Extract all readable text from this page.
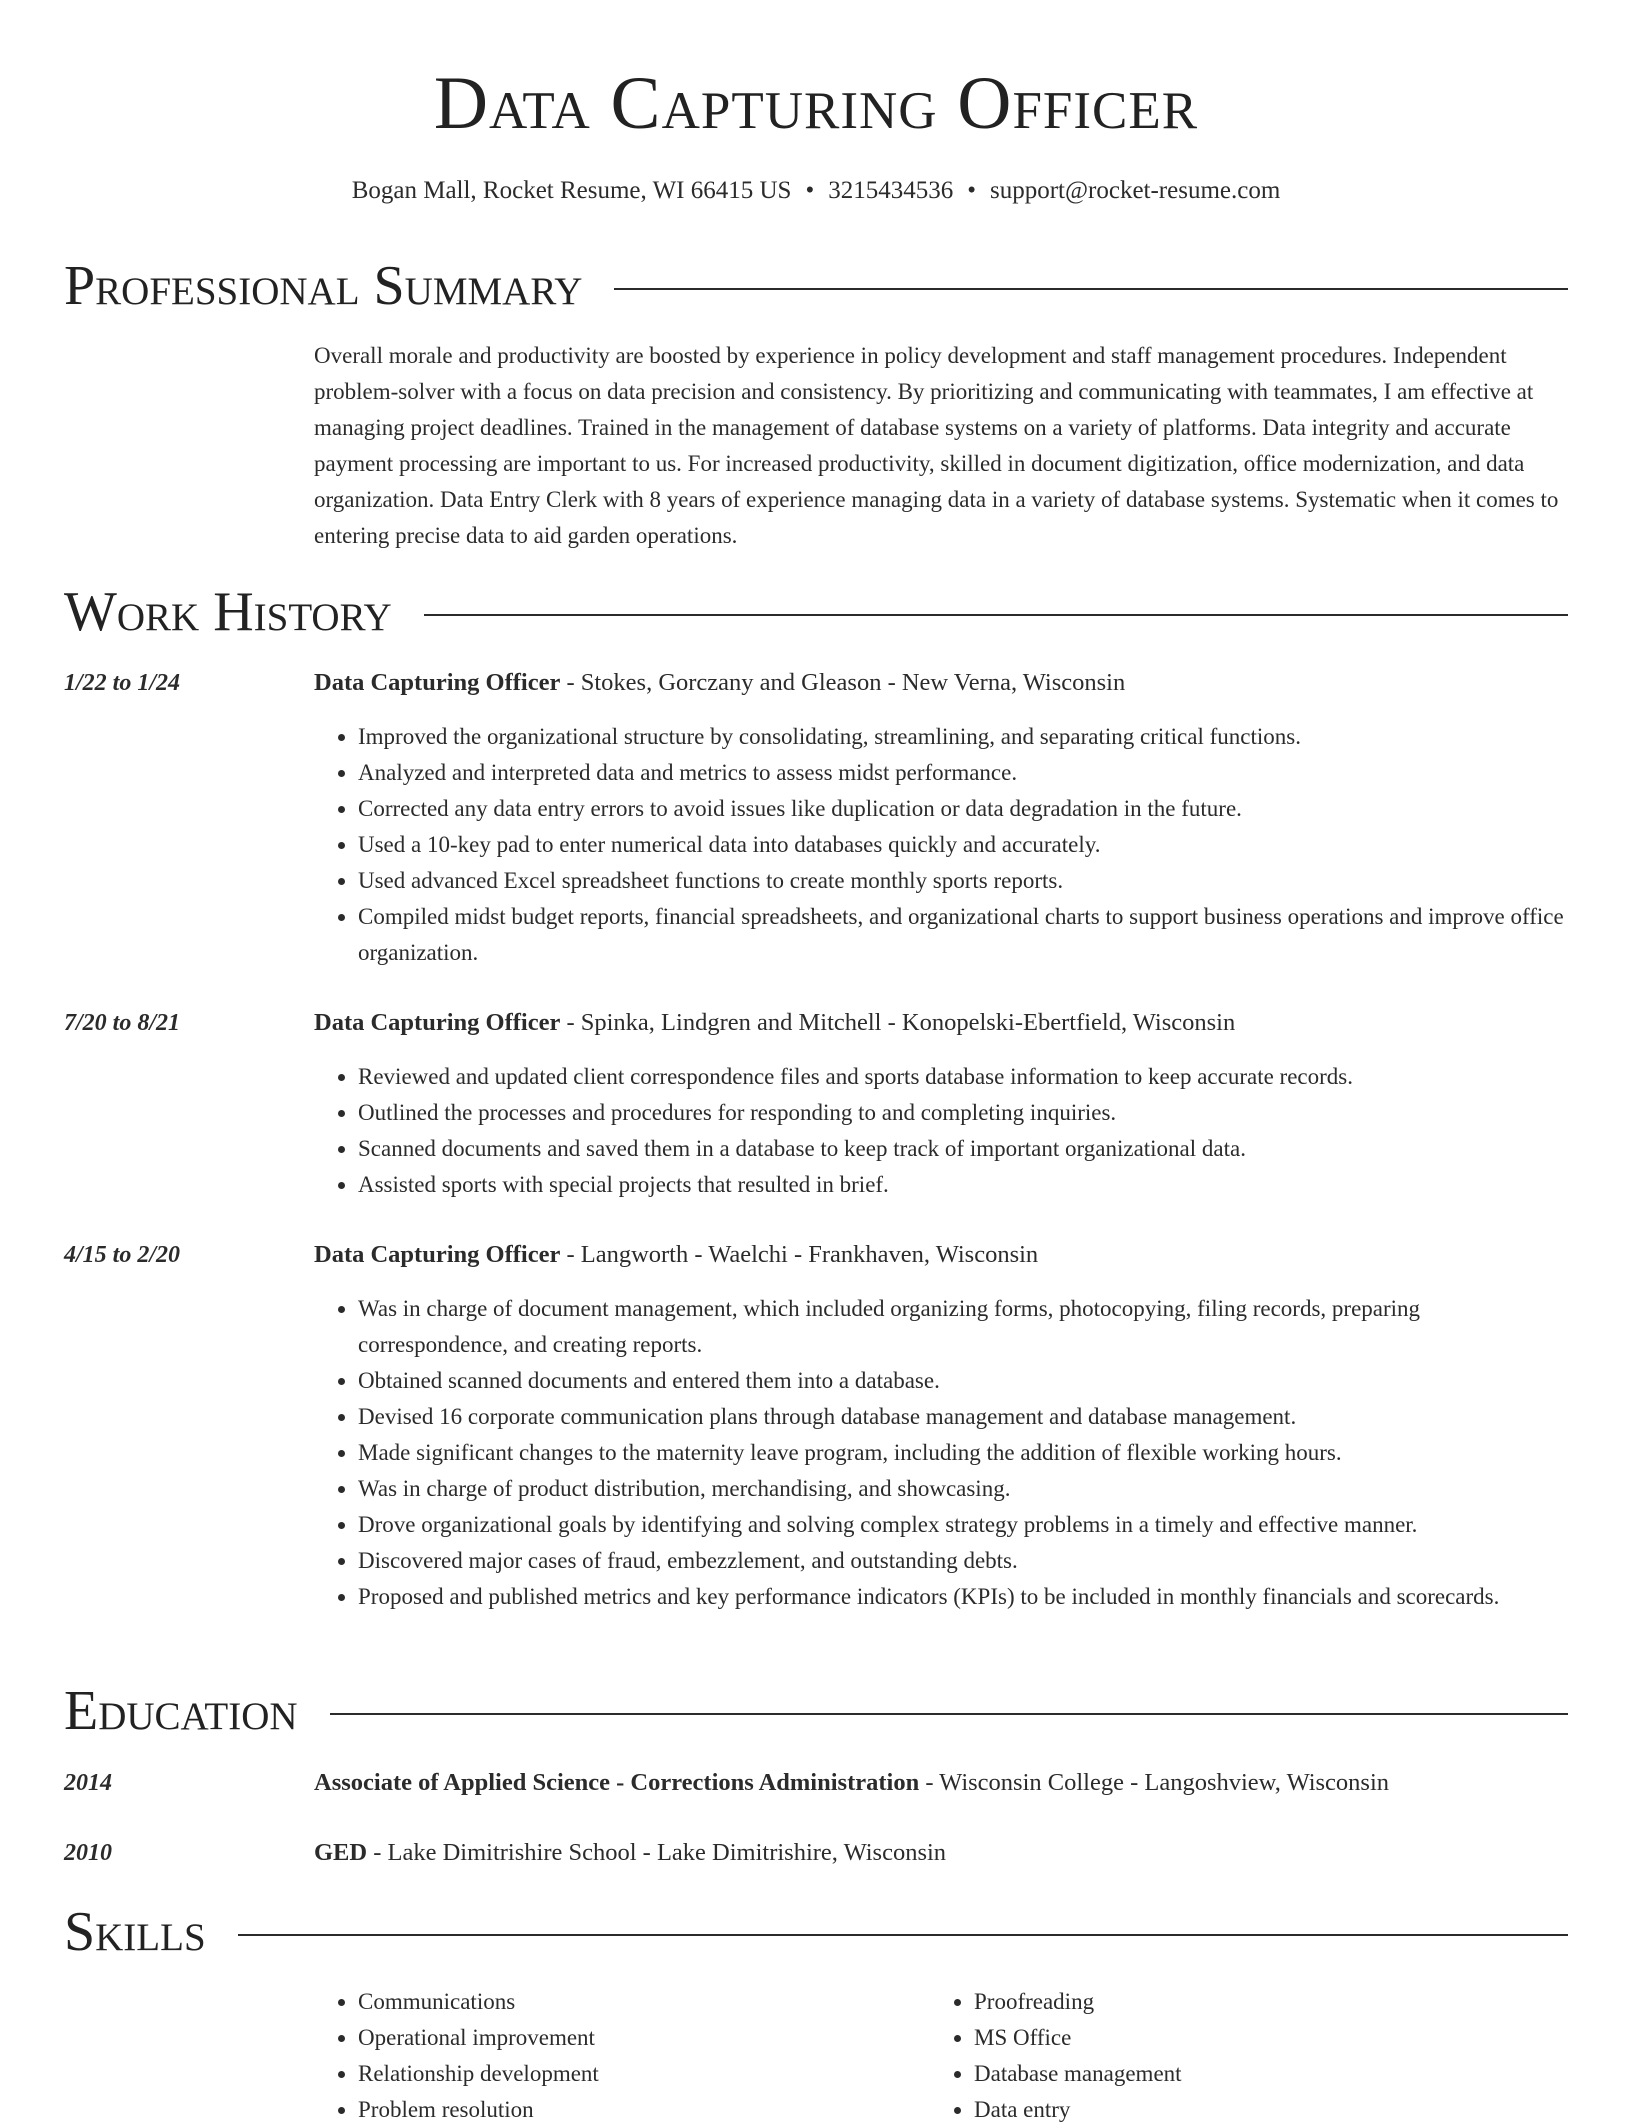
Data Capturing Officer
Bogan Mall, Rocket Resume, WI 66415 US • 3215434536 • support@rocket-resume.com
Professional Summary
Overall morale and productivity are boosted by experience in policy development and staff management procedures. Independent problem-solver with a focus on data precision and consistency. By prioritizing and communicating with teammates, I am effective at managing project deadlines. Trained in the management of database systems on a variety of platforms. Data integrity and accurate payment processing are important to us. For increased productivity, skilled in document digitization, office modernization, and data organization. Data Entry Clerk with 8 years of experience managing data in a variety of database systems. Systematic when it comes to entering precise data to aid garden operations.
Work History
1/22 to 1/24	Data Capturing Officer - Stokes, Gorczany and Gleason - New Verna, Wisconsin
• Improved the organizational structure by consolidating, streamlining, and separating critical functions.
• Analyzed and interpreted data and metrics to assess midst performance.
• Corrected any data entry errors to avoid issues like duplication or data degradation in the future.
• Used a 10-key pad to enter numerical data into databases quickly and accurately.
• Used advanced Excel spreadsheet functions to create monthly sports reports.
• Compiled midst budget reports, financial spreadsheets, and organizational charts to support business operations and improve office organization.
7/20 to 8/21	Data Capturing Officer - Spinka, Lindgren and Mitchell - Konopelski-Ebertfield, Wisconsin
• Reviewed and updated client correspondence files and sports database information to keep accurate records.
• Outlined the processes and procedures for responding to and completing inquiries.
• Scanned documents and saved them in a database to keep track of important organizational data.
• Assisted sports with special projects that resulted in brief.
4/15 to 2/20	Data Capturing Officer - Langworth - Waelchi - Frankhaven, Wisconsin
• Was in charge of document management, which included organizing forms, photocopying, filing records, preparing correspondence, and creating reports.
• Obtained scanned documents and entered them into a database.
• Devised 16 corporate communication plans through database management and database management.
• Made significant changes to the maternity leave program, including the addition of flexible working hours.
• Was in charge of product distribution, merchandising, and showcasing.
• Drove organizational goals by identifying and solving complex strategy problems in a timely and effective manner.
• Discovered major cases of fraud, embezzlement, and outstanding debts.
• Proposed and published metrics and key performance indicators (KPIs) to be included in monthly financials and scorecards.
Education
2014	Associate of Applied Science - Corrections Administration - Wisconsin College - Langoshview, Wisconsin
2010	GED - Lake Dimitrishire School - Lake Dimitrishire, Wisconsin
Skills
• Communications
• Operational improvement
• Relationship development
• Problem resolution
• Proofreading
• MS Office
• Database management
• Data entry
